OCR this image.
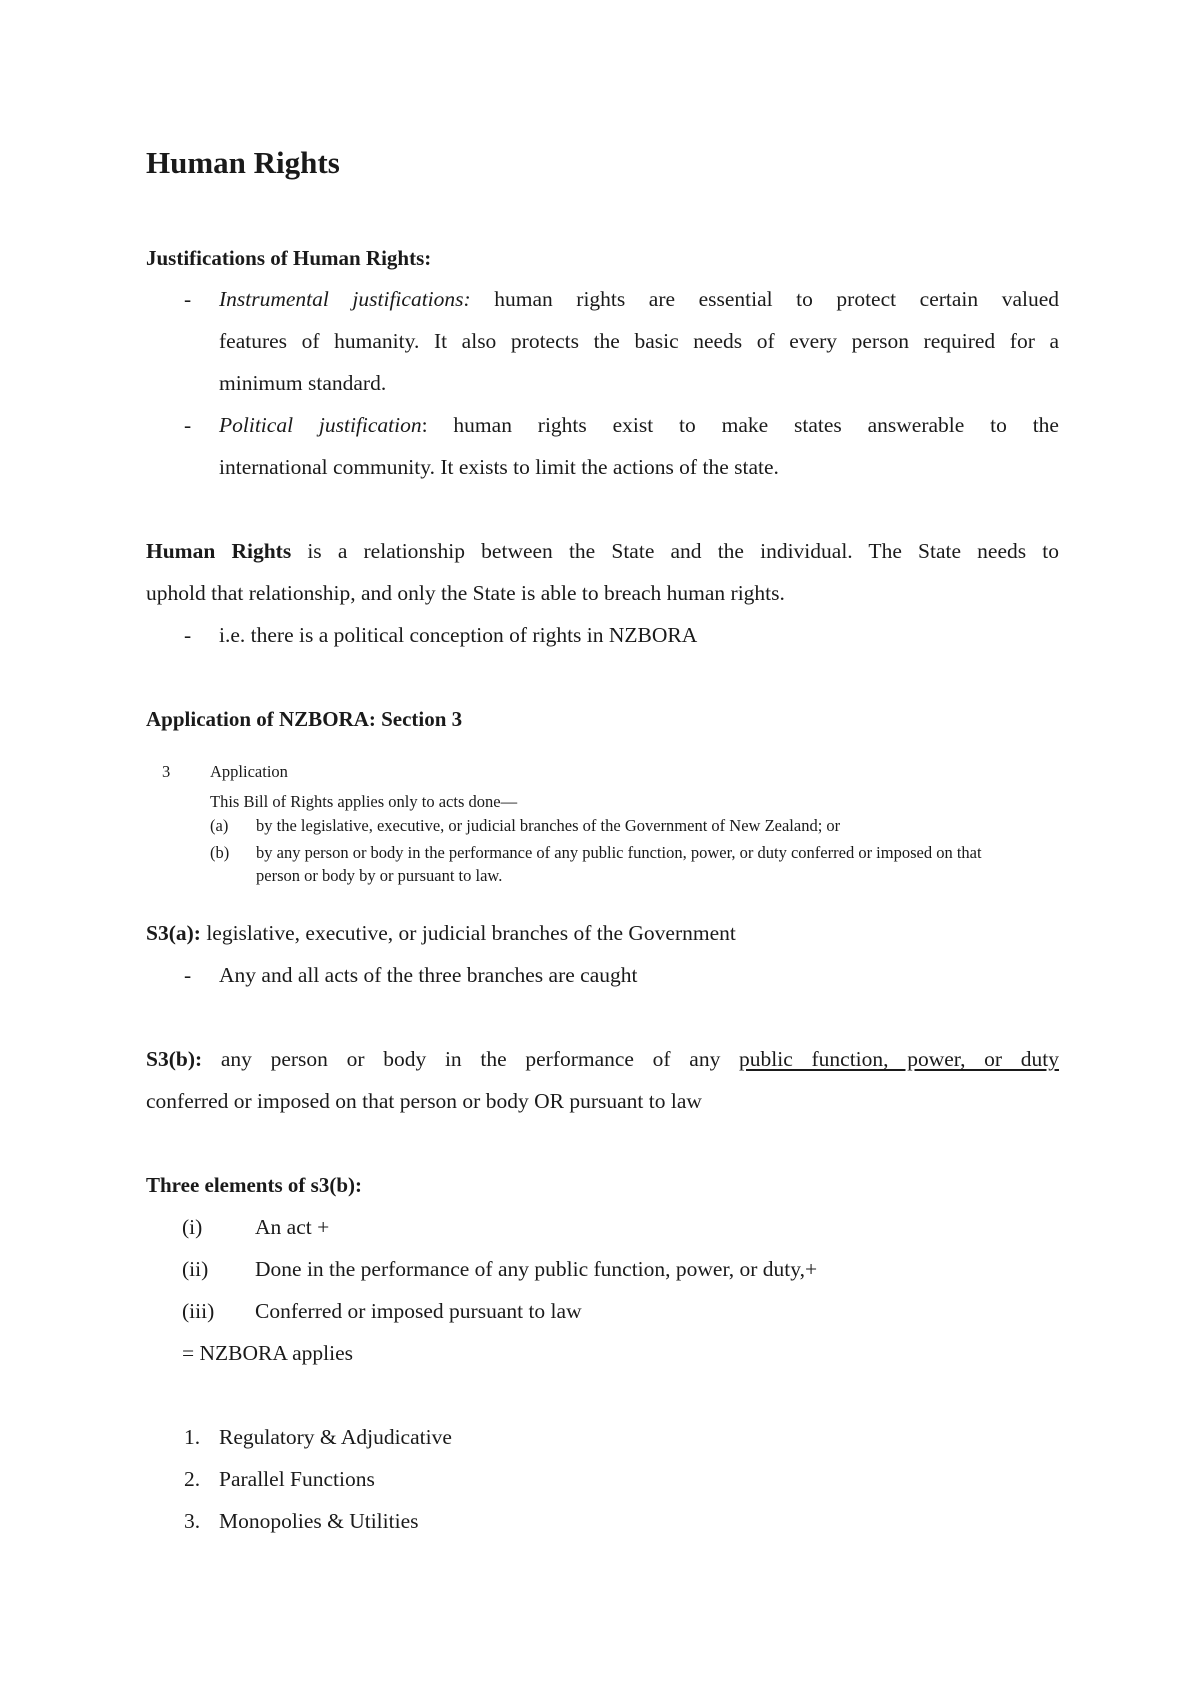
Human Rights
Justifications of Human Rights:
- Instrumental justifications: human rights are essential to protect certain valued
features of humanity. It also protects the basic needs of every person required for a
minimum standard.
- Political justification: human rights exist to make states answerable to the
international community. It exists to limit the actions of the state.
Human Rights is a relationship between the State and the individual. The State needs to
uphold that relationship, and only the State is able to breach human rights.
- i.e. there is a political conception of rights in NZBORA
Application of NZBORA: Section 3
3 Application
This Bill of Rights applies only to acts done—
(a) by the legislative, executive, or judicial branches of the Government of New Zealand; or
(b) by any person or body in the performance of any public function, power, or duty conferred or imposed on that
person or body by or pursuant to law.
S3(a): legislative, executive, or judicial branches of the Government
- Any and all acts of the three branches are caught
S3(b): any person or body in the performance of any public function, power, or duty
conferred or imposed on that person or body OR pursuant to law
Three elements of s3(b):
(i) An act +
(ii) Done in the performance of any public function, power, or duty,+
(iii) Conferred or imposed pursuant to law
= NZBORA applies
1. Regulatory & Adjudicative
2. Parallel Functions
3. Monopolies & Utilities
